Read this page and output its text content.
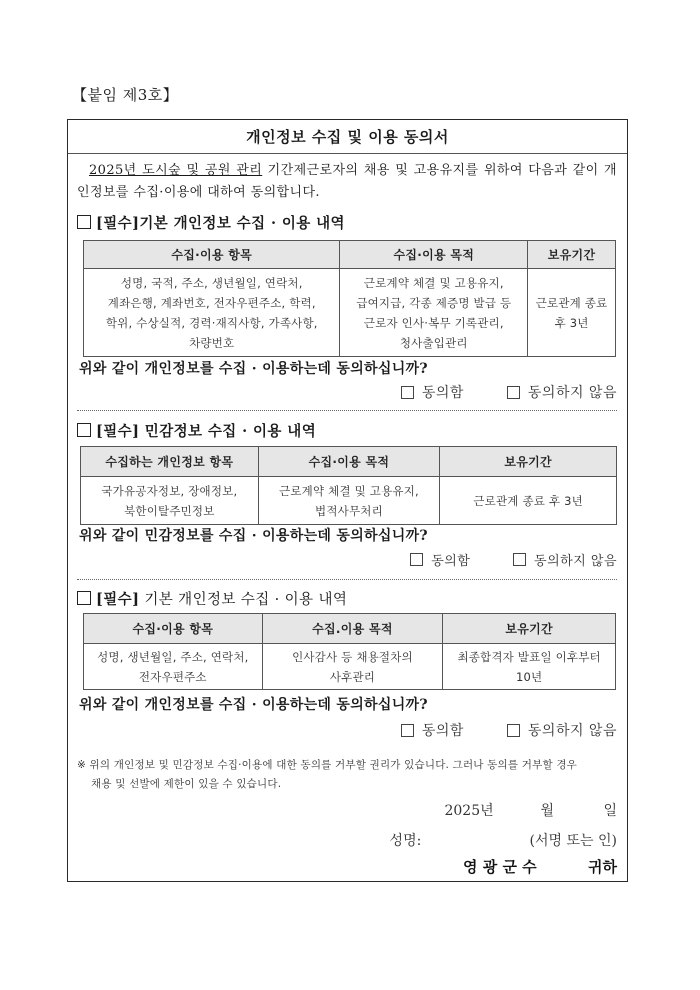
【붙임 제3호】
개인정보 수집 및 이용 동의서
2025년 도시숲 및 공원 관리 기간제근로자의 채용 및 고용유지를 위하여 다음과 같이 개인정보를 수집·이용에 대하여 동의합니다.
[필수]기본 개인정보 수집 · 이용 내역
수집·이용 항목	수집·이용 목적	보유기간

성명, 국적, 주소, 생년월일, 연락처,
계좌은행, 계좌번호, 전자우편주소, 학력,
학위, 수상실적, 경력·재직사항, 가족사항,
차량번호

근로계약 체결 및 고용유지,
급여지급, 각종 제증명 발급 등
근로자 인사·복무 기록관리,
청사출입관리

근로관계 종료
후 3년
위와 같이 개인정보를 수집 · 이용하는데 동의하십니까?
동의함
	동의하지 않음
[필수] 민감정보 수집 · 이용 내역
수집하는 개인정보 항목	수집·이용 목적	보유기간

국가유공자정보, 장애정보,
북한이탈주민정보

근로계약 체결 및 고용유지,
법적사무처리

근로관계 종료 후 3년
위와 같이 민감정보를 수집 · 이용하는데 동의하십니까?
동의함
	동의하지 않음
[필수] 기본 개인정보 수집 · 이용 내역
수집·이용 항목	수집.이용 목적	보유기간

성명, 생년월일, 주소, 연락처,
전자우편주소

인사감사 등 채용절차의
사후관리

최종합격자 발표일 이후부터
10년
위와 같이 개인정보를 수집 · 이용하는데 동의하십니까?
동의함
	동의하지 않음
※ 위의 개인정보 및 민감정보 수집·이용에 대한 동의를 거부할 권리가 있습니다. 그러나 동의를 거부할 경우
채용 및 선발에 제한이 있을 수 있습니다.
2025년	월	일
성명:	(서명 또는 인)
영 광 군 수	귀하
